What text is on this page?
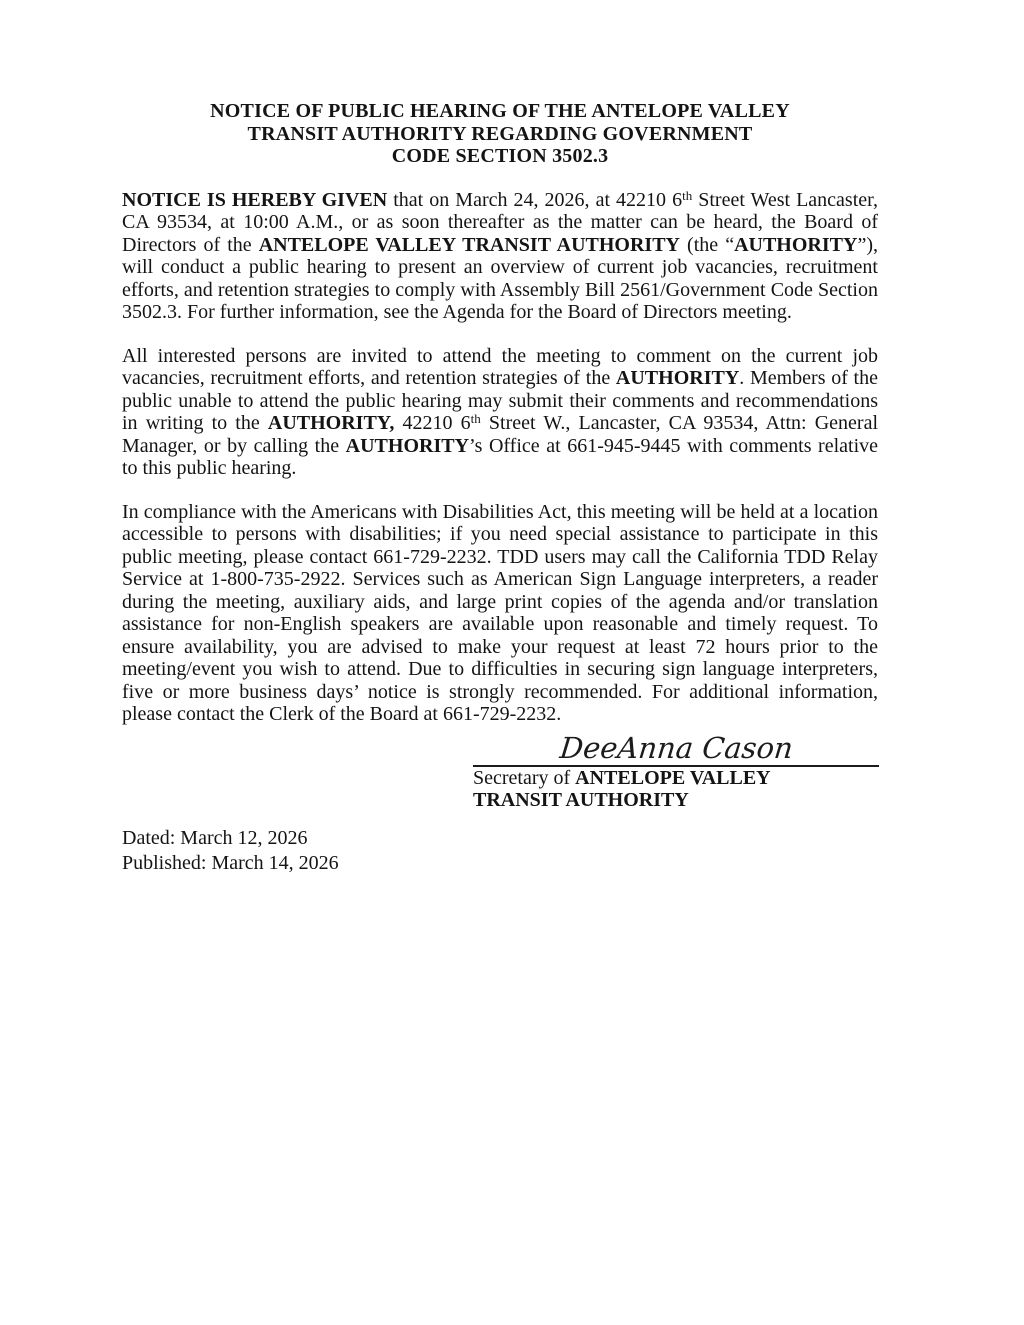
NOTICE OF PUBLIC HEARING OF THE ANTELOPE VALLEY
TRANSIT AUTHORITY REGARDING GOVERNMENT
CODE SECTION 3502.3

NOTICE IS HEREBY GIVEN that on March 24, 2026, at 42210 6th Street West Lancaster, CA 93534, at 10:00 A.M., or as soon thereafter as the matter can be heard, the Board of Directors of the ANTELOPE VALLEY TRANSIT AUTHORITY (the “AUTHORITY”), will conduct a public hearing to present an overview of current job vacancies, recruitment efforts, and retention strategies to comply with Assembly Bill 2561/Government Code Section 3502.3. For further information, see the Agenda for the Board of Directors meeting.

All interested persons are invited to attend the meeting to comment on the current job vacancies, recruitment efforts, and retention strategies of the AUTHORITY. Members of the public unable to attend the public hearing may submit their comments and recommendations in writing to the AUTHORITY, 42210 6th Street W., Lancaster, CA 93534, Attn: General Manager, or by calling the AUTHORITY’s Office at 661-945-9445 with comments relative to this public hearing.

In compliance with the Americans with Disabilities Act, this meeting will be held at a location accessible to persons with disabilities; if you need special assistance to participate in this public meeting, please contact 661-729-2232. TDD users may call the California TDD Relay Service at 1-800-735-2922. Services such as American Sign Language interpreters, a reader during the meeting, auxiliary aids, and large print copies of the agenda and/or translation assistance for non-English speakers are available upon reasonable and timely request. To ensure availability, you are advised to make your request at least 72 hours prior to the meeting/event you wish to attend. Due to difficulties in securing sign language interpreters, five or more business days’ notice is strongly recommended. For additional information, please contact the Clerk of the Board at 661-729-2232.

DeeAnna Cason
Secretary of ANTELOPE VALLEY
TRANSIT AUTHORITY
Dated: March 12, 2026
Published: March 14, 2026
